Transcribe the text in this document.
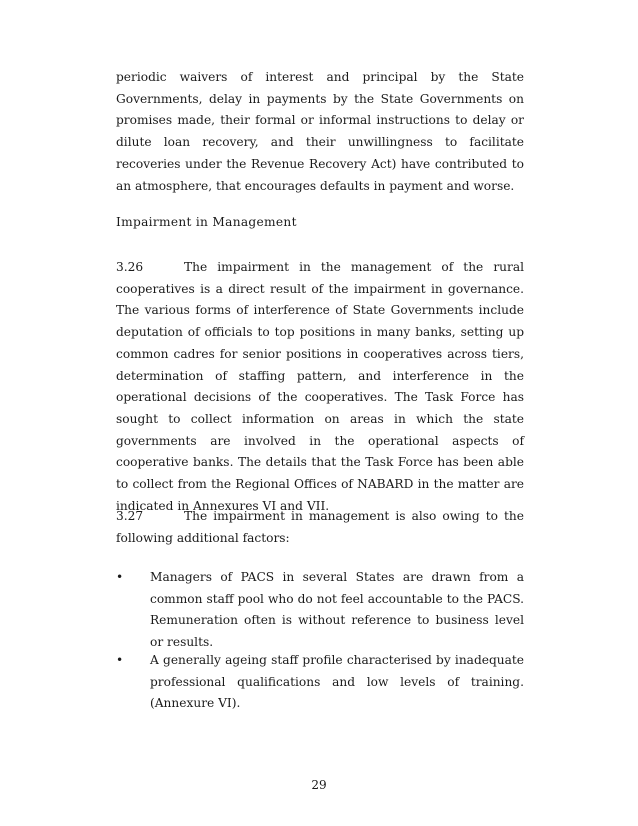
periodic waivers of interest and principal by the State Governments, delay in payments by the State Governments on promises made, their formal or informal instructions to delay or dilute loan recovery, and their unwillingness to facilitate recoveries under the Revenue Recovery Act) have contributed to an atmosphere, that encourages defaults in payment and worse.

Impairment in Management

3.26	The impairment in the management of the rural cooperatives is a direct result of the impairment in governance. The various forms of interference of State Governments include deputation of officials to top positions in many banks, setting up common cadres for senior positions in cooperatives across tiers, determination of staffing pattern, and interference in the operational decisions of the cooperatives. The Task Force has sought to collect information on areas in which the state governments are involved in the operational aspects of cooperative banks. The details that the Task Force has been able to collect from the Regional Offices of NABARD in the matter are indicated in Annexures VI and VII.

3.27	The impairment in management is also owing to the following additional factors:

•	Managers of PACS in several States are drawn from a common staff pool who do not feel accountable to the PACS. Remuneration often is without reference to business level or results.
•	A generally ageing staff profile characterised by inadequate professional qualifications and low levels of training. (Annexure VI).
29
